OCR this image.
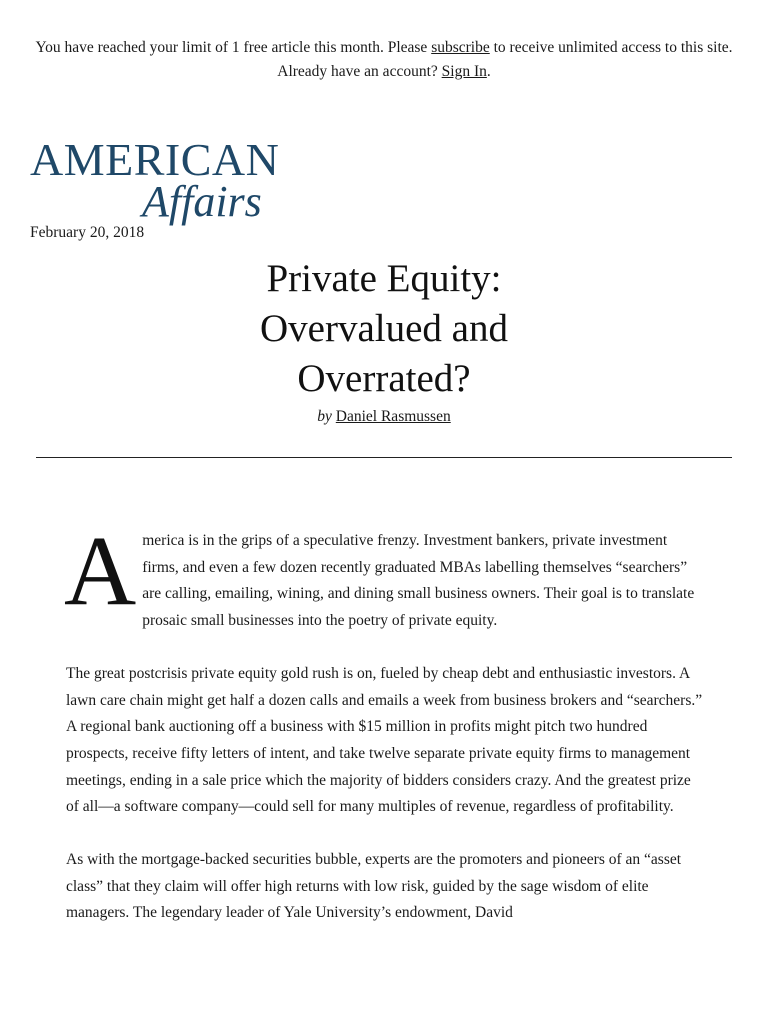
You have reached your limit of 1 free article this month. Please subscribe to receive unlimited access to this site.
Already have an account? Sign In.
AMERICAN
Affairs
February 20, 2018
Private Equity: Overvalued and Overrated?
by Daniel Rasmussen

America is in the grips of a speculative frenzy. Investment bankers, private investment firms, and even a few dozen recently graduated MBAs labelling themselves “searchers” are calling, emailing, wining, and dining small business owners. Their goal is to translate prosaic small businesses into the poetry of private equity.

The great postcrisis private equity gold rush is on, fueled by cheap debt and enthusiastic investors. A lawn care chain might get half a dozen calls and emails a week from business brokers and “searchers.” A regional bank auctioning off a business with $15 million in profits might pitch two hundred prospects, receive fifty letters of intent, and take twelve separate private equity firms to management meetings, ending in a sale price which the majority of bidders considers crazy. And the greatest prize of all—a software company—could sell for many multiples of revenue, regardless of profitability.

As with the mortgage-backed securities bubble, experts are the promoters and pioneers of an “asset class” that they claim will offer high returns with low risk, guided by the sage wisdom of elite managers. The legendary leader of Yale University’s endowment, David
